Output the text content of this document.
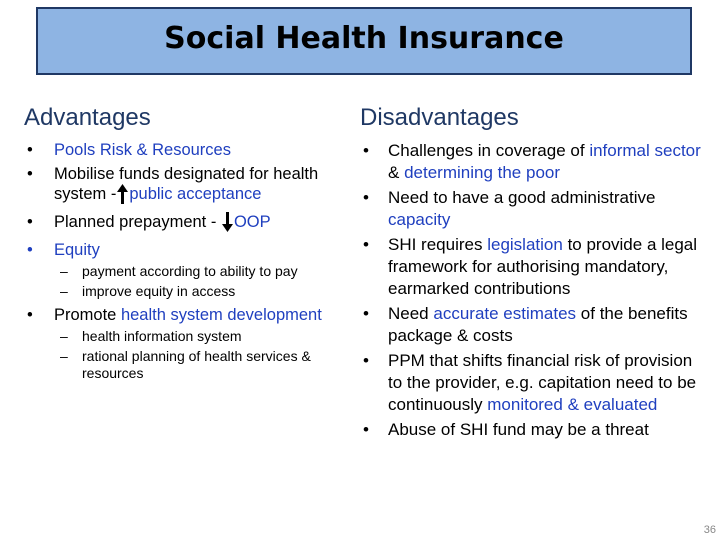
Social Health Insurance
Advantages
• Pools Risk & Resources
• Mobilise funds designated for health system - public acceptance
• Planned prepayment - OOP
• Equity
– payment according to ability to pay
– improve equity in access
• Promote health system development
– health information system
– rational planning of health services & resources
Disadvantages
• Challenges in coverage of informal sector & determining the poor
• Need to have a good administrative capacity
• SHI requires legislation to provide a legal framework for authorising mandatory, earmarked contributions
• Need accurate estimates of the benefits package & costs
• PPM that shifts financial risk of provision to the provider, e.g. capitation need to be continuously monitored & evaluated
• Abuse of SHI fund may be a threat
36
